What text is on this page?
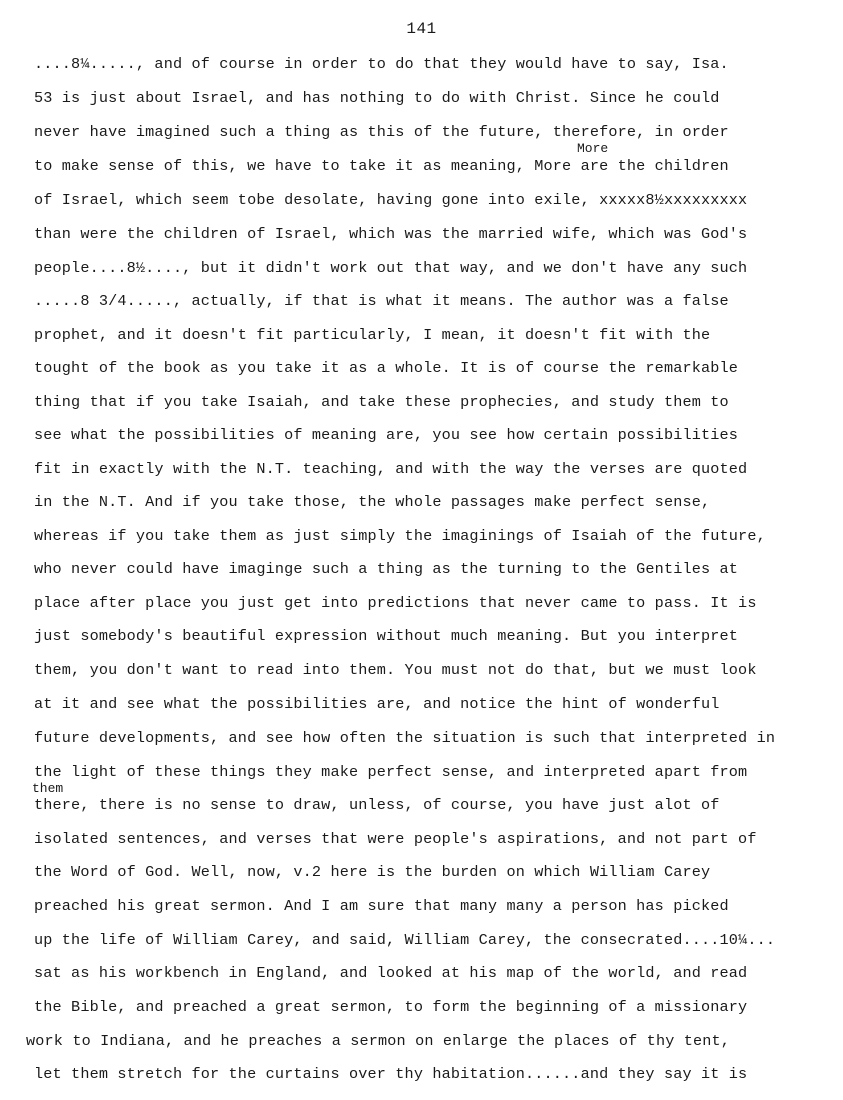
141
....8¼....., and of course in order to do that they would have to say, Isa.
53 is just about Israel, and has nothing to do with Christ. Since he could
never have imagined such a thing as this of the future, therefore, in order
More
to make sense of this, we have to take it as meaning, More are the children
of Israel, which seem tobe desolate, having gone into exile, xxxxx8½xxxxxxxxx
than were the children of Israel, which was the married wife, which was God's
people....8½...., but it didn't work out that way, and we don't have any such
.....8 3/4....., actually, if that is what it means. The author was a false
prophet, and it doesn't fit particularly, I mean, it doesn't fit with the
tought of the book as you take it as a whole. It is of course the remarkable
thing that if you take Isaiah, and take these prophecies, and study them to
see what the possibilities of meaning are, you see how certain possibilities
fit in exactly with the N.T. teaching, and with the way the verses are quoted
in the N.T. And if you take those, the whole passages make perfect sense,
whereas if you take them as just simply the imaginings of Isaiah of the future,
who never could have imaginge such a thing as the turning to the Gentiles at
place after place you just get into predictions that never came to pass. It is
just somebody's beautiful expression without much meaning. But you interpret
them, you don't want to read into them. You must not do that, but we must look
at it and see what the possibilities are, and notice the hint of wonderful
future developments, and see how often the situation is such that interpreted in
the light of these things they make perfect sense, and interpreted apart from
them
there, there is no sense to draw, unless, of course, you have just alot of
isolated sentences, and verses that were people's aspirations, and not part of
the Word of God. Well, now, v.2 here is the burden on which William Carey
preached his great sermon. And I am sure that many many a person has picked
up the life of William Carey, and said, William Carey, the consecrated....10¼...
sat as his workbench in England, and looked at his map of the world, and read
the Bible, and preached a great sermon, to form the beginning of a missionary
work to Indiana, and he preaches a sermon on enlarge the places of thy tent,
let them stretch for the curtains over thy habitation......and they say it is
